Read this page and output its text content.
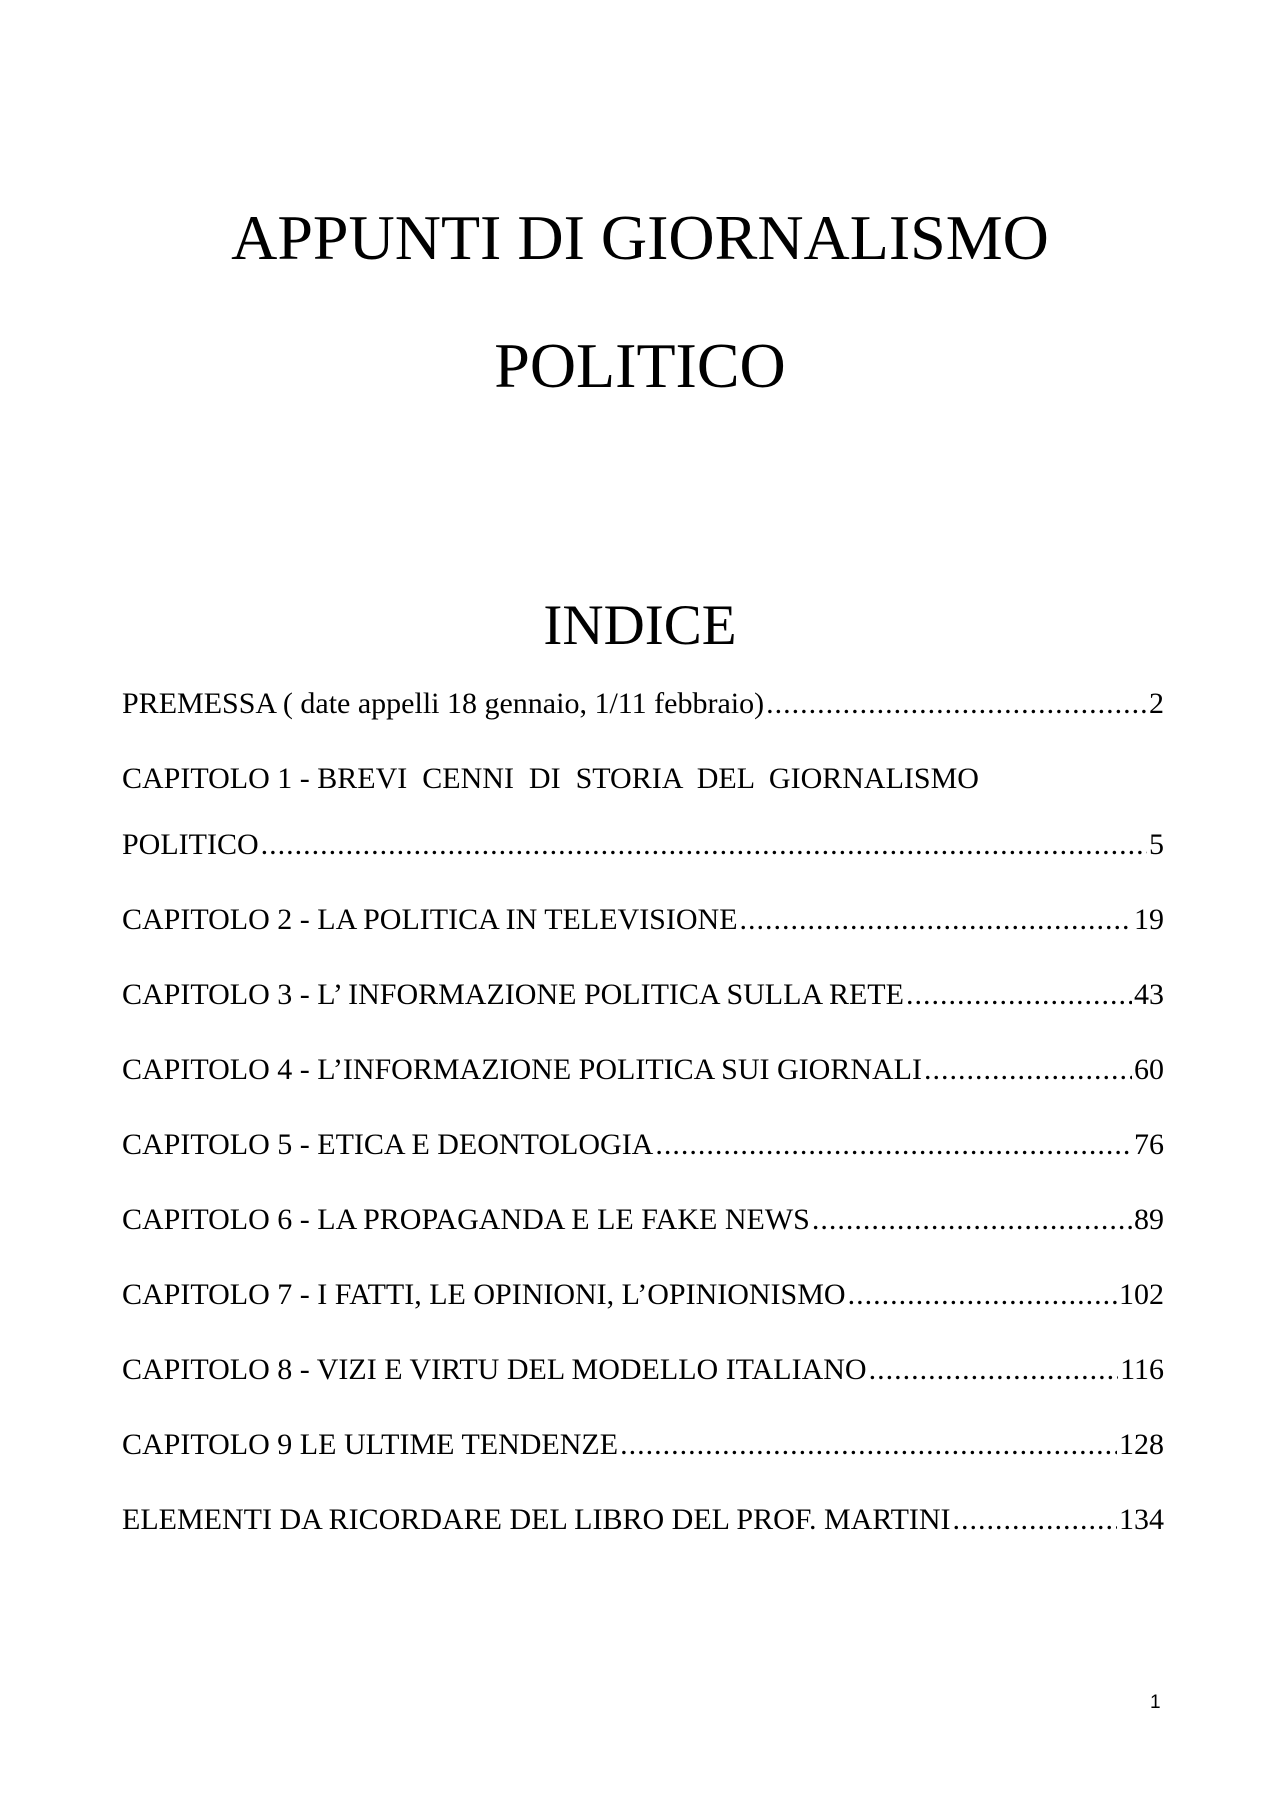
APPUNTI DI GIORNALISMO
POLITICO
INDICE
PREMESSA ( date appelli 18 gennaio, 1/11 febbraio) .....	2
CAPITOLO 1 - BREVI  CENNI  DI  STORIA  DEL  GIORNALISMO
POLITICO .....	5
CAPITOLO 2 - LA POLITICA IN TELEVISIONE .....	19
CAPITOLO 3 - L’ INFORMAZIONE POLITICA SULLA RETE .....	43
CAPITOLO 4 - L’INFORMAZIONE POLITICA SUI GIORNALI .....	60
CAPITOLO 5 - ETICA E DEONTOLOGIA .....	76
CAPITOLO 6 - LA PROPAGANDA E LE FAKE NEWS .....	89
CAPITOLO 7 - I FATTI, LE OPINIONI, L’OPINIONISMO .....	102
CAPITOLO 8 - VIZI E VIRTU DEL MODELLO ITALIANO .....	116
CAPITOLO 9 LE ULTIME TENDENZE .....	128
ELEMENTI DA RICORDARE DEL LIBRO DEL PROF. MARTINI .....	134
1
